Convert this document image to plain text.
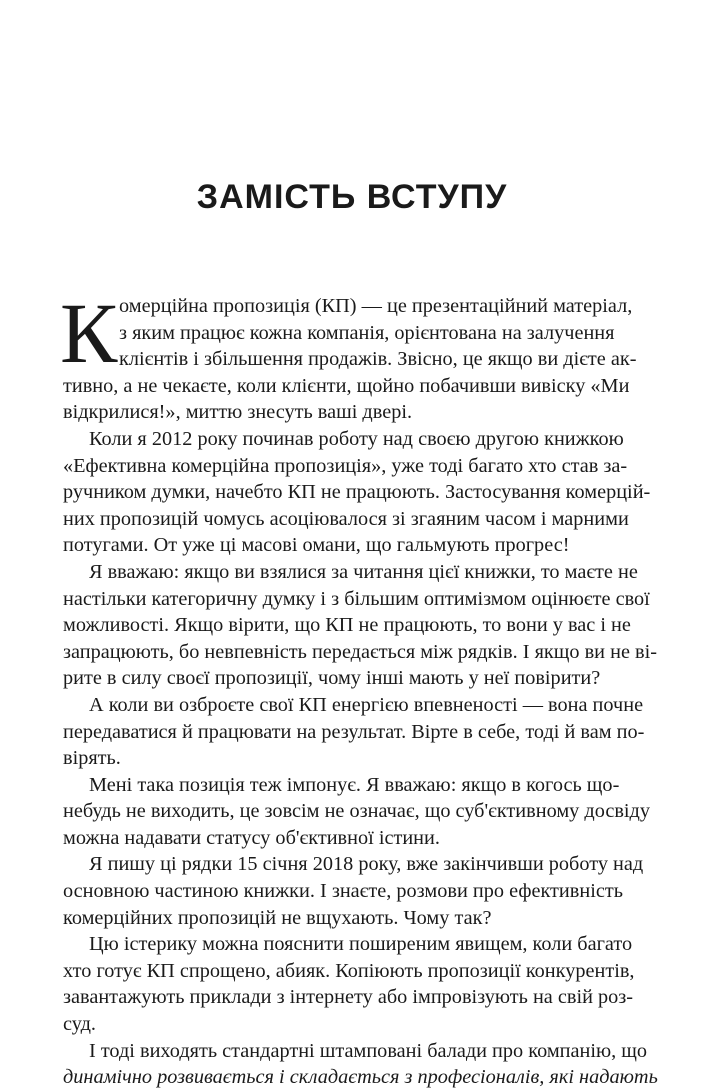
ЗАМІСТЬ ВСТУПУ
К омерційна пропозиція (КП) — це презентаційний матеріал,
з яким працює кожна компанія, орієнтована на залучення
клієнтів і збільшення продажів. Звісно, це якщо ви дієте ак-
тивно, а не чекаєте, коли клієнти, щойно побачивши вивіску «Ми
відкрилися!», миттю знесуть ваші двері.

Коли я 2012 року починав роботу над своєю другою книжкою
«Ефективна комерційна пропозиція», уже тоді багато хто став за-
ручником думки, начебто КП не працюють. Застосування комерцій-
них пропозицій чомусь асоціювалося зі згаяним часом і марними
потугами. От уже ці масові омани, що гальмують прогрес!

Я вважаю: якщо ви взялися за читання цієї книжки, то маєте не
настільки категоричну думку і з більшим оптимізмом оцінюєте свої
можливості. Якщо вірити, що КП не працюють, то вони у вас і не
запрацюють, бо невпевність передається між рядків. І якщо ви не ві-
рите в силу своєї пропозиції, чому інші мають у неї повірити?

А коли ви озброєте свої КП енергією впевненості — вона почне
передаватися й працювати на результат. Вірте в себе, тоді й вам по-
вірять.

Мені така позиція теж імпонує. Я вважаю: якщо в когось що-
небудь не виходить, це зовсім не означає, що суб'єктивному досвіду
можна надавати статусу об'єктивної істини.

Я пишу ці рядки 15 січня 2018 року, вже закінчивши роботу над
основною частиною книжки. І знаєте, розмови про ефективність
комерційних пропозицій не вщухають. Чому так?

Цю істерику можна пояснити поширеним явищем, коли багато
хто готує КП спрощено, абияк. Копіюють пропозиції конкурентів,
завантажують приклади з інтернету або імпровізують на свій роз-
суд.

І тоді виходять стандартні штамповані балади про компанію, що
динамічно розвивається і складається з професіоналів, які надають
